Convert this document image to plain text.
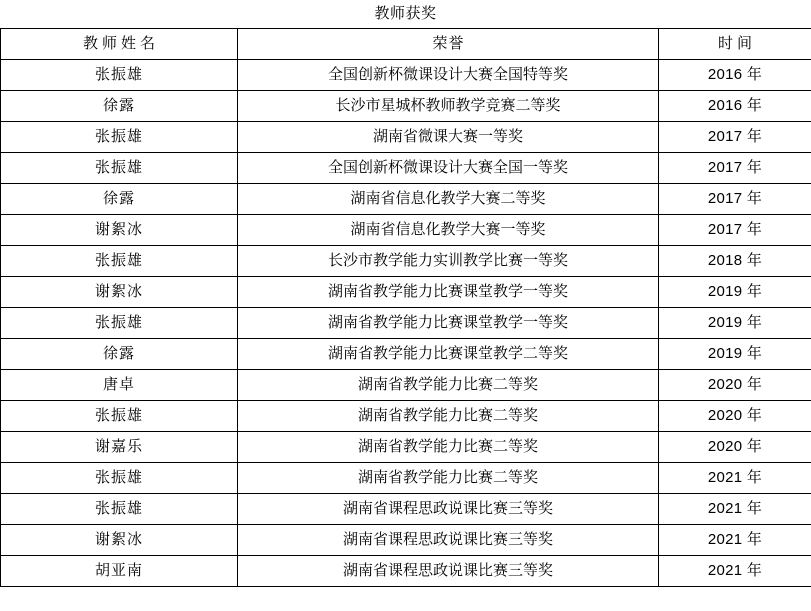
教师获奖
教师姓名	荣誉	时间
张振雄	全国创新杯微课设计大赛全国特等奖	2016 年
徐露	长沙市星城杯教师教学竞赛二等奖	2016 年
张振雄	湖南省微课大赛一等奖	2017 年
张振雄	全国创新杯微课设计大赛全国一等奖	2017 年
徐露	湖南省信息化教学大赛二等奖	2017 年
谢絮冰	湖南省信息化教学大赛一等奖	2017 年
张振雄	长沙市教学能力实训教学比赛一等奖	2018 年
谢絮冰	湖南省教学能力比赛课堂教学一等奖	2019 年
张振雄	湖南省教学能力比赛课堂教学一等奖	2019 年
徐露	湖南省教学能力比赛课堂教学二等奖	2019 年
唐卓	湖南省教学能力比赛二等奖	2020 年
张振雄	湖南省教学能力比赛二等奖	2020 年
谢嘉乐	湖南省教学能力比赛二等奖	2020 年
张振雄	湖南省教学能力比赛二等奖	2021 年
张振雄	湖南省课程思政说课比赛三等奖	2021 年
谢絮冰	湖南省课程思政说课比赛三等奖	2021 年
胡亚南	湖南省课程思政说课比赛三等奖	2021 年
